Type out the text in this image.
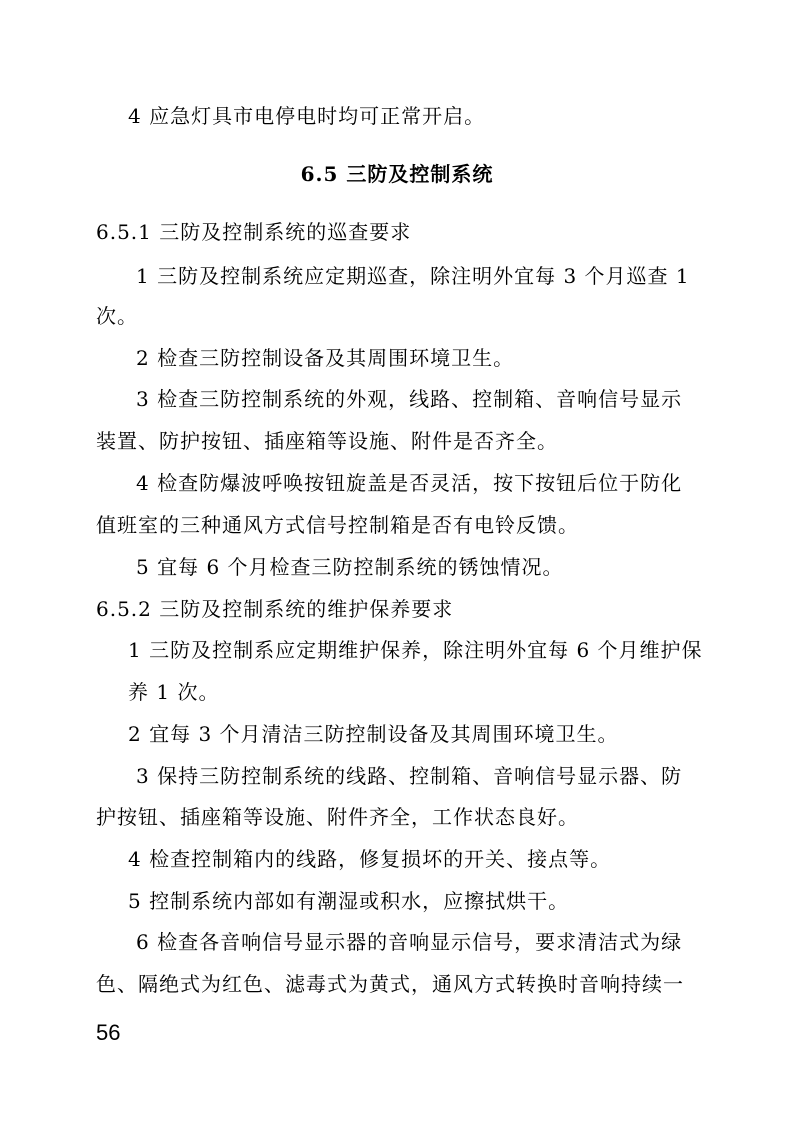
4 应急灯具市电停电时均可正常开启。
6.5 三防及控制系统
6.5.1 三防及控制系统的巡查要求
1 三防及控制系统应定期巡查，除注明外宜每 3 个月巡查 1
次。
2 检查三防控制设备及其周围环境卫生。
3 检查三防控制系统的外观，线路、控制箱、音响信号显示
装置、防护按钮、插座箱等设施、附件是否齐全。
4 检查防爆波呼唤按钮旋盖是否灵活，按下按钮后位于防化
值班室的三种通风方式信号控制箱是否有电铃反馈。
5 宜每 6 个月检查三防控制系统的锈蚀情况。
6.5.2 三防及控制系统的维护保养要求
1 三防及控制系应定期维护保养，除注明外宜每 6 个月维护保
养 1 次。
2 宜每 3 个月清洁三防控制设备及其周围环境卫生。
3 保持三防控制系统的线路、控制箱、音响信号显示器、防
护按钮、插座箱等设施、附件齐全，工作状态良好。
4 检查控制箱内的线路，修复损坏的开关、接点等。
5 控制系统内部如有潮湿或积水，应擦拭烘干。
6 检查各音响信号显示器的音响显示信号，要求清洁式为绿
色、隔绝式为红色、滤毒式为黄式，通风方式转换时音响持续一
56
